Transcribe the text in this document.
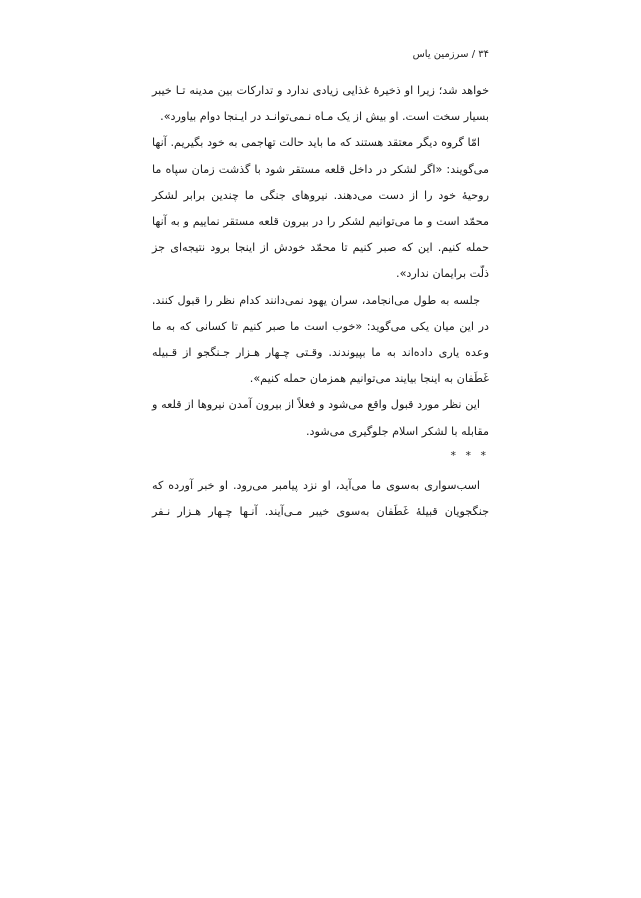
۳۴ / سرزمین یاس

خواهد شد؛ زیرا او ذخیرهٔ غذایی زیادی ندارد و تدارکات بین مدینه تـا خیبر بسیار سخت است. او بیش از یک مـاه نـمی‌توانـد در ایـنجا دوام بیاورد».

امّا گروه دیگر معتقد هستند که ما باید حالت تهاجمی به خود بگیریم. آنها می‌گویند: «اگر لشکر در داخل قلعه مستقر شود با گذشت زمان سپاه ما روحیهٔ خود را از دست می‌دهند. نیروهای جنگی ما چندین برابر لشکر محمّد است و ما می‌توانیم لشکر را در بیرون قلعه مستقر نماییم و به آنها حمله کنیم. این که صبر کنیم تا محمّد خودش از اینجا برود نتیجه‌ای جز ذلّت برایمان ندارد».

جلسه به طول می‌انجامد، سران یهود نمی‌دانند کدام نظر را قبول کنند. در این میان یکی می‌گوید: «خوب است ما صبر کنیم تا کسانی که به ما وعده یاری داده‌اند به ما بپیوندند. وقـتی چـهار هـزار جـنگجو از قـبیله غَطَفان به اینجا بیایند می‌توانیم همزمان حمله کنیم».

این نظر مورد قبول واقع می‌شود و فعلاً از بیرون آمدن نیروها از قلعه و مقابله با لشکر اسلام جلوگیری می‌شود.

* * *

اسب‌سواری به‌سوی ما می‌آید، او نزد پیامبر می‌رود. او خبر آورده که جنگجویان قبیلهٔ غَطَفان به‌سوی خیبر مـی‌آیند. آنـها چـهار هـزار نـفر
